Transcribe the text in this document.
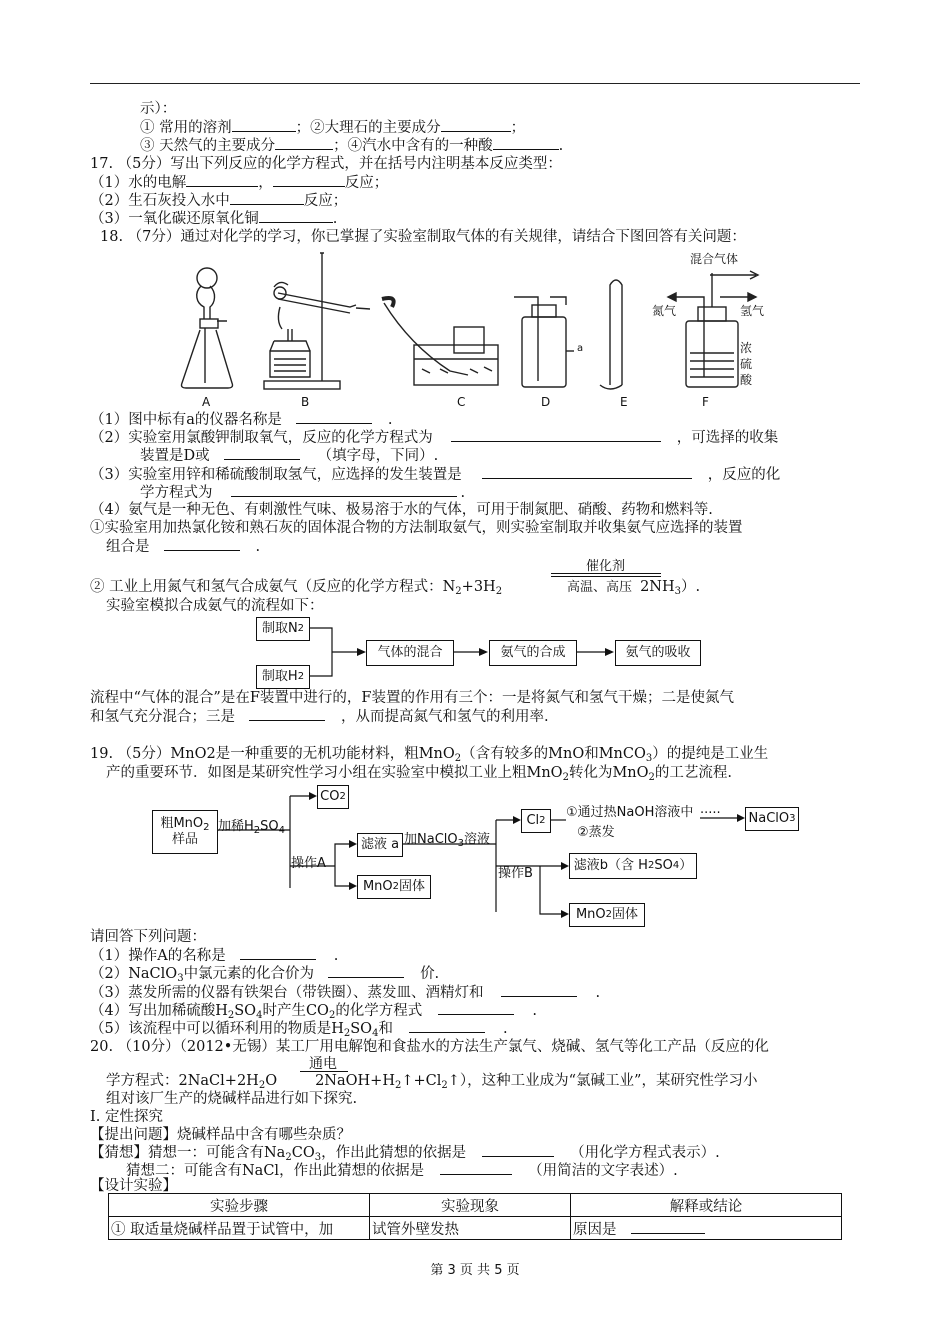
示）：
① 常用的溶剂	；②大理石的主要成分	；
③ 天然气的主要成分	；④汽水中含有的一种酸	.
17. （5分）写出下列反应的化学方程式，并在括号内注明基本反应类型：
（1）水的电解	，	反应；
（2）生石灰投入水中	反应；
（3）一氧化碳还原氧化铜	.
18. （7分）通过对化学的学习，你已掌握了实验室制取气体的有关规律，请结合下图回答有关问题：
A	B	C	D	E	F
混合气体
氮气	氢气
浓
硫
酸
a
（1）图中标有a的仪器名称是	.
（2）实验室用氯酸钾制取氧气，反应的化学方程式为	，可选择的收集
装置是D或	（填字母，下同）.
（3）实验室用锌和稀硫酸制取氢气，应选择的发生装置是	，反应的化
学方程式为	.
（4）氨气是一种无色、有刺激性气味、极易溶于水的气体，可用于制氮肥、硝酸、药物和燃料等.
①实验室用加热氯化铵和熟石灰的固体混合物的方法制取氨气，则实验室制取并收集氨气应选择的装置
组合是	.
催化剂
高温、高压
② 工业上用氮气和氢气合成氨气（反应的化学方程式：$N_2+3H_2$	$2NH_3$）.
实验室模拟合成氨气的流程如下：
制取N 2
制取H 2
气体的混合	氨气的合成	氨气的吸收
流程中“气体的混合”是在F装置中进行的，F装置的作用有三个：一是将氮气和氢气干燥；二是使氮气
和氢气充分混合；三是	，从而提高氮气和氢气的利用率.
19. （5分）MnO2是一种重要的无机功能材料，粗MnO$_2$（含有较多的MnO和MnCO$_3$）的提纯是工业生
产的重要环节．如图是某研究性学习小组在实验室中模拟工业上粗MnO$_2$转化为MnO$_2$的工艺流程.
粗MnO$_2$
样品
加稀$H_2SO_4$
CO 2
操作A
滤液 a
MnO 2 固体
加NaClO$_3$溶液
Cl 2
①通过热NaOH溶液中
②蒸发
····· NaClO 3
操作B
滤液b（含 H 2 SO 4 ）
MnO 2 固体
请回答下列问题：
（1）操作A的名称是	.
（2）NaClO$_3$中氯元素的化合价为	价.
（3）蒸发所需的仪器有铁架台（带铁圈）、蒸发皿、酒精灯和	.
（4）写出加稀硫酸$H_2SO_4$时产生$CO_2$的化学方程式	.
（5）该流程中可以循环利用的物质是$H_2SO_4$和	.
20. （10分）（2012•无锡）某工厂用电解饱和食盐水的方法生产氯气、烧碱、氢气等化工产品（反应的化
通电
学方程式：$2NaCl+2H_2O$	$2NaOH+H_2↑+Cl_2↑$），这种工业成为“氯碱工业”，某研究性学习小
组对该厂生产的烧碱样品进行如下探究.
I. 定性探究
【提出问题】烧碱样品中含有哪些杂质？
【猜想】猜想一：可能含有$Na_2CO_3$，作出此猜想的依据是	（用化学方程式表示）.
猜想二：可能含有NaCl，作出此猜想的依据是	（用简洁的文字表述）.
【设计实验】
实验步骤	实验现象	解释或结论
① 取适量烧碱样品置于试管中，加	试管外壁发热	原因是
第 3 页 共 5 页
